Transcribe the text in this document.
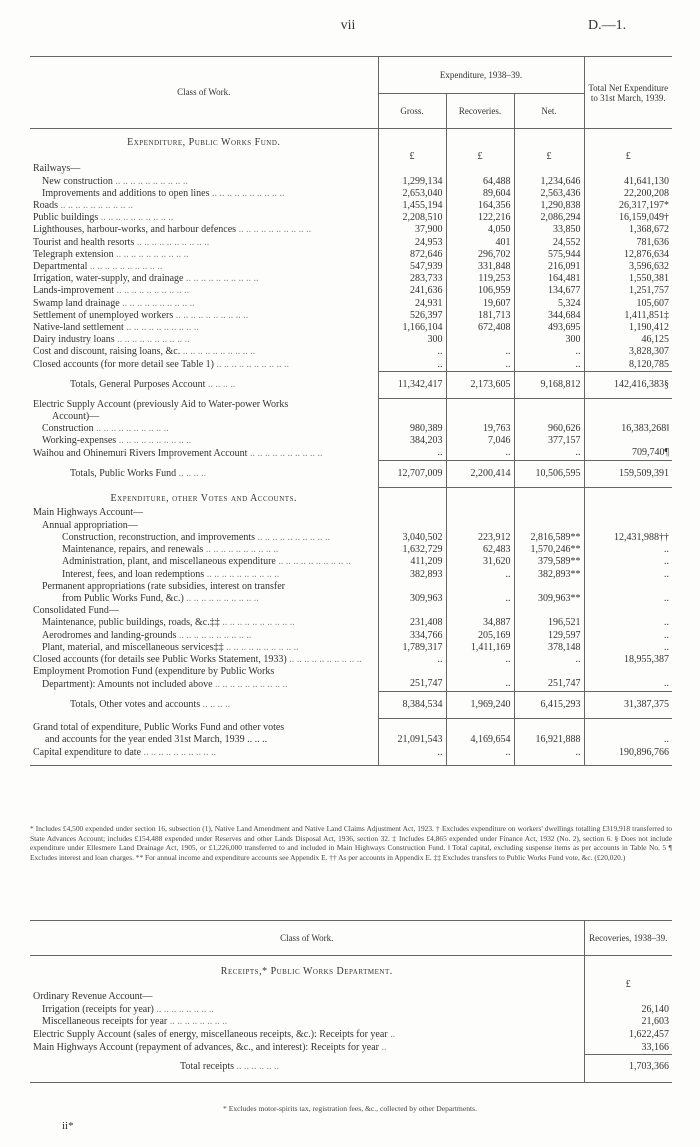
vii	D.—1.
Class of Work.	Expenditure, 1938–39.			Total Net Expenditure to 31st March, 1939.
	Gross.	Recoveries.	Net.	
Expenditure, Public Works Fund.				
	£	£	£	£
Railways—				
New construction .. .. .. .. .. .. .. .. .. ..	1,299,134	64,488	1,234,646	41,641,130
Improvements and additions to open lines .. .. .. .. .. .. .. .. .. ..	2,653,040	89,604	2,563,436	22,200,208
Roads .. .. .. .. .. .. .. .. .. ..	1,455,194	164,356	1,290,838	26,317,197*
Public buildings .. .. .. .. .. .. .. .. .. ..	2,208,510	122,216	2,086,294	16,159,049†
Lighthouses, harbour-works, and harbour defences .. .. .. .. .. .. .. .. .. ..	37,900	4,050	33,850	1,368,672
Tourist and health resorts .. .. .. .. .. .. .. .. .. ..	24,953	401	24,552	781,636
Telegraph extension .. .. .. .. .. .. .. .. .. ..	872,646	296,702	575,944	12,876,634
Departmental .. .. .. .. .. .. .. .. .. ..	547,939	331,848	216,091	3,596,632
Irrigation, water-supply, and drainage .. .. .. .. .. .. .. .. .. ..	283,733	119,253	164,481	1,550,381
Lands-improvement .. .. .. .. .. .. .. .. .. ..	241,636	106,959	134,677	1,251,757
Swamp land drainage .. .. .. .. .. .. .. .. .. ..	24,931	19,607	5,324	105,607
Settlement of unemployed workers .. .. .. .. .. .. .. .. .. ..	526,397	181,713	344,684	1,411,851‡
Native-land settlement .. .. .. .. .. .. .. .. .. ..	1,166,104	672,408	493,695	1,190,412
Dairy industry loans .. .. .. .. .. .. .. .. .. ..	300		300	46,125
Cost and discount, raising loans, &c. .. .. .. .. .. .. .. .. .. ..	..	..	..	3,828,307
Closed accounts (for more detail see Table 1) .. .. .. .. .. .. .. .. .. ..	..	..	..	8,120,785
Totals, General Purposes Account .. .. .. ..	11,342,417	2,173,605	9,168,812	142,416,383§
Electric Supply Account (previously Aid to Water-power Works				
Account)—				
Construction .. .. .. .. .. .. .. .. .. ..	980,389	19,763	960,626	16,383,268‖
Working-expenses .. .. .. .. .. .. .. .. .. ..	384,203	7,046	377,157	
Waihou and Ohinemuri Rivers Improvement Account .. .. .. .. .. .. .. .. .. ..	..	..	..	709,740¶
Totals, Public Works Fund .. .. .. ..	12,707,009	2,200,414	10,506,595	159,509,391
Expenditure, other Votes and Accounts.				
Main Highways Account—				
Annual appropriation—				
Construction, reconstruction, and improvements .. .. .. .. .. .. .. .. .. ..	3,040,502	223,912	2,816,589**	12,431,988††
Maintenance, repairs, and renewals .. .. .. .. .. .. .. .. .. ..	1,632,729	62,483	1,570,246**	..
Administration, plant, and miscellaneous expenditure .. .. .. .. .. .. .. .. .. ..	411,209	31,620	379,589**	..
Interest, fees, and loan redemptions .. .. .. .. .. .. .. .. .. ..	382,893	..	382,893**	..
Permanent appropriations (rate subsidies, interest on transfer				
from Public Works Fund, &c.) .. .. .. .. .. .. .. .. .. ..	309,963	..	309,963**	..
Consolidated Fund—				
Maintenance, public buildings, roads, &c.‡‡ .. .. .. .. .. .. .. .. .. ..	231,408	34,887	196,521	..
Aerodromes and landing-grounds .. .. .. .. .. .. .. .. .. ..	334,766	205,169	129,597	..
Plant, material, and miscellaneous services‡‡ .. .. .. .. .. .. .. .. .. ..	1,789,317	1,411,169	378,148	..
Closed accounts (for details see Public Works Statement, 1933) .. .. .. .. .. .. .. .. .. ..	..	..	..	18,955,387
Employment Promotion Fund (expenditure by Public Works				
Department): Amounts not included above .. .. .. .. .. .. .. .. .. ..	251,747	..	251,747	..
Totals, Other votes and accounts .. .. .. ..	8,384,534	1,969,240	6,415,293	31,387,375

Grand total of expenditure, Public Works Fund and other votes
and accounts for the year ended 31st March, 1939 .. .. ..	21,091,543	4,169,654	16,921,888	..
Capital expenditure to date .. .. .. .. .. .. .. .. .. ..	..	..	..	190,896,766
* Includes £4,500 expended under section 16, subsection (1), Native Land Amendment and Native Land Claims Adjustment Act, 1923. † Excludes expenditure on workers' dwellings totalling £319,918 transferred to State Advances Account; includes £154,488 expended under Reserves and other Lands Disposal Act, 1936, section 32. ‡ Includes £4,865 expended under Finance Act, 1932 (No. 2), section 6. § Does not include expenditure under Ellesmere Land Drainage Act, 1905, or £1,226,000 transferred to and included in Main Highways Construction Fund. ‖ Total capital, excluding suspense items as per accounts in Table No. 5 ¶ Excludes interest and loan charges. ** For annual income and expenditure accounts see Appendix E. †† As per accounts in Appendix E. ‡‡ Excludes transfers to Public Works Fund vote, &c. (£20,020.)
Class of Work.	Recoveries, 1938–39.
Receipts,* Public Works Department.	
	£
Ordinary Revenue Account—	
Irrigation (receipts for year) .. .. .. .. .. .. .. ..	26,140
Miscellaneous receipts for year .. .. .. .. .. .. .. ..	21,603
Electric Supply Account (sales of energy, miscellaneous receipts, &c.): Receipts for year ..	1,622,457
Main Highways Account (repayment of advances, &c., and interest): Receipts for year ..	33,166
Total receipts .. .. .. .. .. ..	1,703,366
* Excludes motor-spirits tax, registration fees, &c., collected by other Departments.
ii*
